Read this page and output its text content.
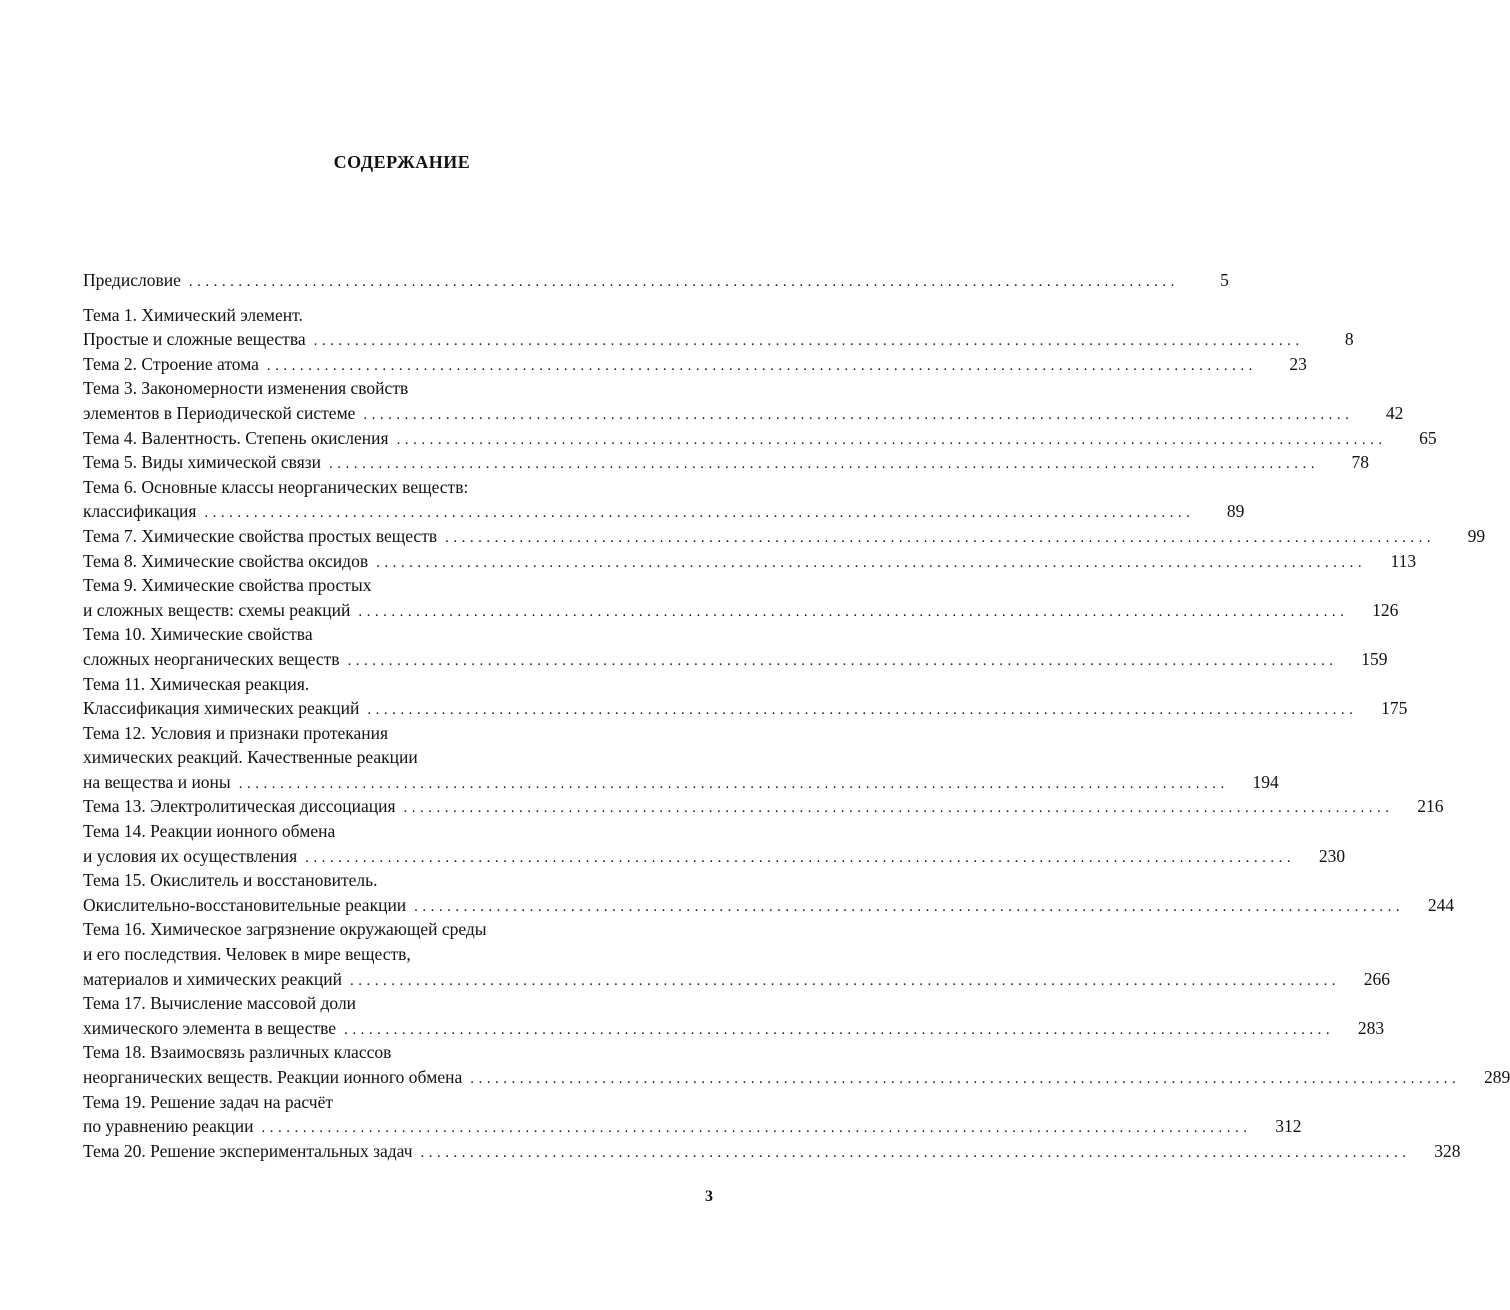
СОДЕРЖАНИЕ
Предисловие ........................................................................................................................	5
Тема 1. Химический элемент.
Простые и сложные вещества ........................................................................................................................	8
Тема 2. Строение атома ........................................................................................................................	23
Тема 3. Закономерности изменения свойств
элементов в Периодической системе ........................................................................................................................	42
Тема 4. Валентность. Степень окисления ........................................................................................................................	65
Тема 5. Виды химической связи ........................................................................................................................	78
Тема 6. Основные классы неорганических веществ:
классификация ........................................................................................................................	89
Тема 7. Химические свойства простых веществ ........................................................................................................................	99
Тема 8. Химические свойства оксидов ........................................................................................................................	113
Тема 9. Химические свойства простых
и сложных веществ: схемы реакций ........................................................................................................................	126
Тема 10. Химические свойства
сложных неорганических веществ ........................................................................................................................	159
Тема 11. Химическая реакция.
Классификация химических реакций ........................................................................................................................	175
Тема 12. Условия и признаки протекания
химических реакций. Качественные реакции
на вещества и ионы ........................................................................................................................	194
Тема 13. Электролитическая диссоциация ........................................................................................................................	216
Тема 14. Реакции ионного обмена
и условия их осуществления ........................................................................................................................	230
Тема 15. Окислитель и восстановитель.
Окислительно-восстановительные реакции ........................................................................................................................	244
Тема 16. Химическое загрязнение окружающей среды
и его последствия. Человек в мире веществ,
материалов и химических реакций ........................................................................................................................	266
Тема 17. Вычисление массовой доли
химического элемента в веществе ........................................................................................................................	283
Тема 18. Взаимосвязь различных классов
неорганических веществ. Реакции ионного обмена ........................................................................................................................	289
Тема 19. Решение задач на расчёт
по уравнению реакции ........................................................................................................................	312
Тема 20. Решение экспериментальных задач ........................................................................................................................	328
3
